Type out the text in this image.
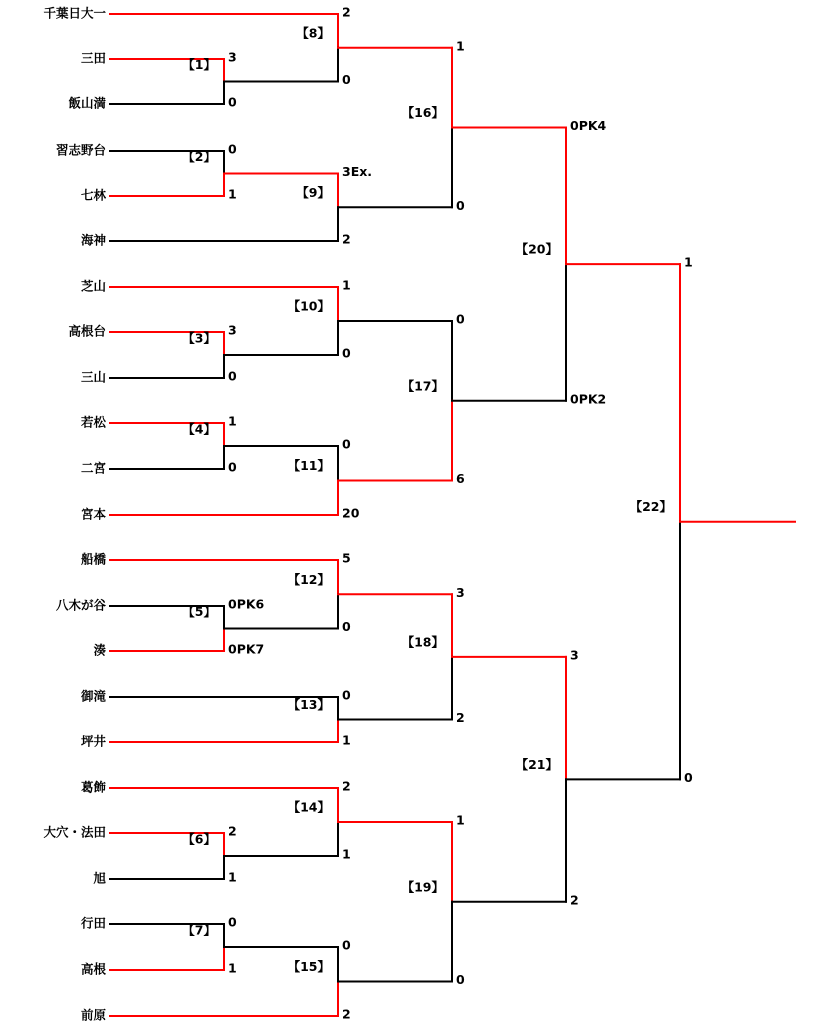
3
0
【1】
0
1
【2】
3
0
【3】
1
0
【4】
0PK6
0PK7
【5】
2
1
【6】
0
1
【7】
2
0
【8】
3Ex.
2
【9】
1
0
【10】
0
20
【11】
5
0
【12】
0
1
【13】
2
1
【14】
0
2
【15】
1
0
【16】
0
6
【17】
3
2
【18】
1
0
【19】
0PK4
0PK2
【20】
3
2
【21】
1
0
【22】
千葉日大一
三田
飯山満
習志野台
七林
海神
芝山
高根台
三山
若松
二宮
宮本
船橋
八木が谷
湊
御滝
坪井
葛飾
大穴・法田
旭
行田
高根
前原
